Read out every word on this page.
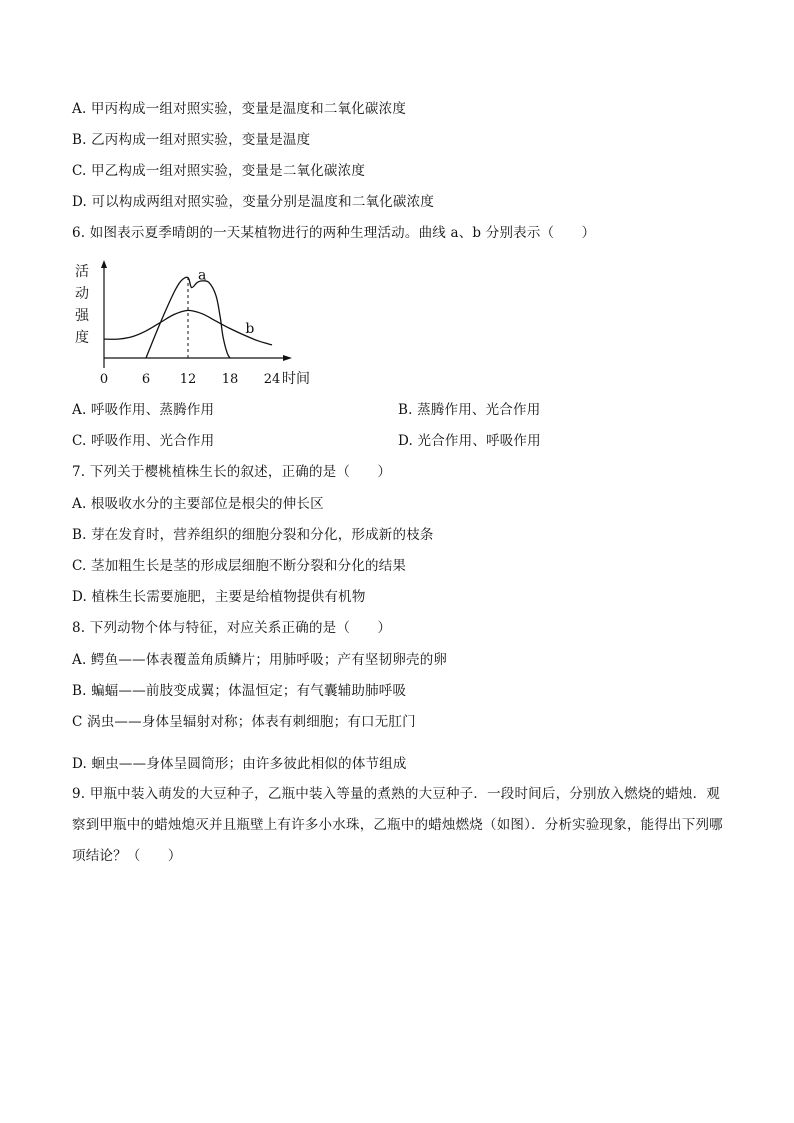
A. 甲丙构成一组对照实验，变量是温度和二氧化碳浓度
B. 乙丙构成一组对照实验，变量是温度
C. 甲乙构成一组对照实验，变量是二氧化碳浓度
D. 可以构成两组对照实验，变量分别是温度和二氧化碳浓度
6. 如图表示夏季晴朗的一天某植物进行的两种生理活动。曲线 a、b 分别表示（　　）
活
动
强
度
a
b
0	6 12 18 24 时间
A. 呼吸作用、蒸腾作用	B. 蒸腾作用、光合作用
C. 呼吸作用、光合作用	D. 光合作用、呼吸作用
7. 下列关于樱桃植株生长的叙述，正确的是（　　）
A. 根吸收水分的主要部位是根尖的伸长区
B. 芽在发育时，营养组织的细胞分裂和分化，形成新的枝条
C. 茎加粗生长是茎的形成层细胞不断分裂和分化的结果
D. 植株生长需要施肥，主要是给植物提供有机物
8. 下列动物个体与特征，对应关系正确的是（　　）
A. 鳄鱼——体表覆盖角质鳞片；用肺呼吸；产有坚韧卵壳的卵
B. 蝙蝠——前肢变成翼；体温恒定；有气囊辅助肺呼吸
C 涡虫——身体呈辐射对称；体表有刺细胞；有口无肛门
D. 蛔虫——身体呈圆筒形；由许多彼此相似的体节组成
9. 甲瓶中装入萌发的大豆种子，乙瓶中装入等量的煮熟的大豆种子．一段时间后，分别放入燃烧的蜡烛．观察到甲瓶中的蜡烛熄灭并且瓶壁上有许多小水珠，乙瓶中的蜡烛燃烧（如图）．分析实验现象，能得出下列哪项结论？（　　）
